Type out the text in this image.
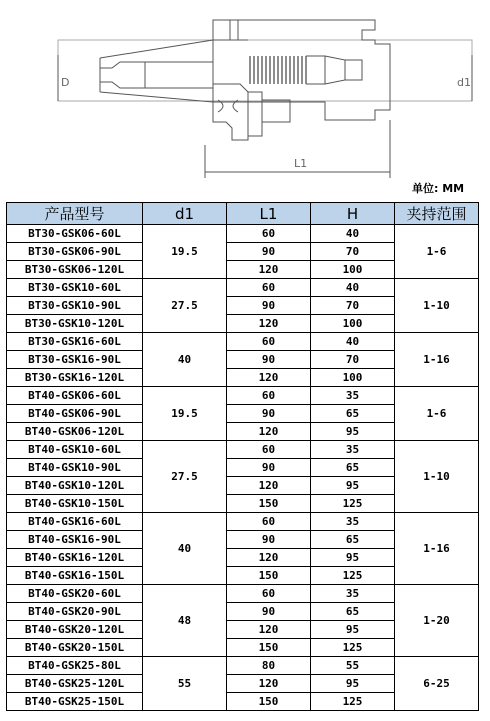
D	d1
L1
单位: MM
产品型号	d1	L1	H	夹持范围
BT30-GSK06-60L	19.5	60	40	1-6
BT30-GSK06-90L		90	70	
BT30-GSK06-120L		120	100	
BT30-GSK10-60L	27.5	60	40	1-10
BT30-GSK10-90L		90	70	
BT30-GSK10-120L		120	100	
BT30-GSK16-60L	40	60	40	1-16
BT30-GSK16-90L		90	70	
BT30-GSK16-120L		120	100	
BT40-GSK06-60L	19.5	60	35	1-6
BT40-GSK06-90L		90	65	
BT40-GSK06-120L		120	95	
BT40-GSK10-60L	27.5	60	35	1-10
BT40-GSK10-90L		90	65	
BT40-GSK10-120L		120	95	
BT40-GSK10-150L		150	125	
BT40-GSK16-60L	40	60	35	1-16
BT40-GSK16-90L		90	65	
BT40-GSK16-120L		120	95	
BT40-GSK16-150L		150	125	
BT40-GSK20-60L	48	60	35	1-20
BT40-GSK20-90L		90	65	
BT40-GSK20-120L		120	95	
BT40-GSK20-150L		150	125	
BT40-GSK25-80L	55	80	55	6-25
BT40-GSK25-120L		120	95	
BT40-GSK25-150L		150	125	
